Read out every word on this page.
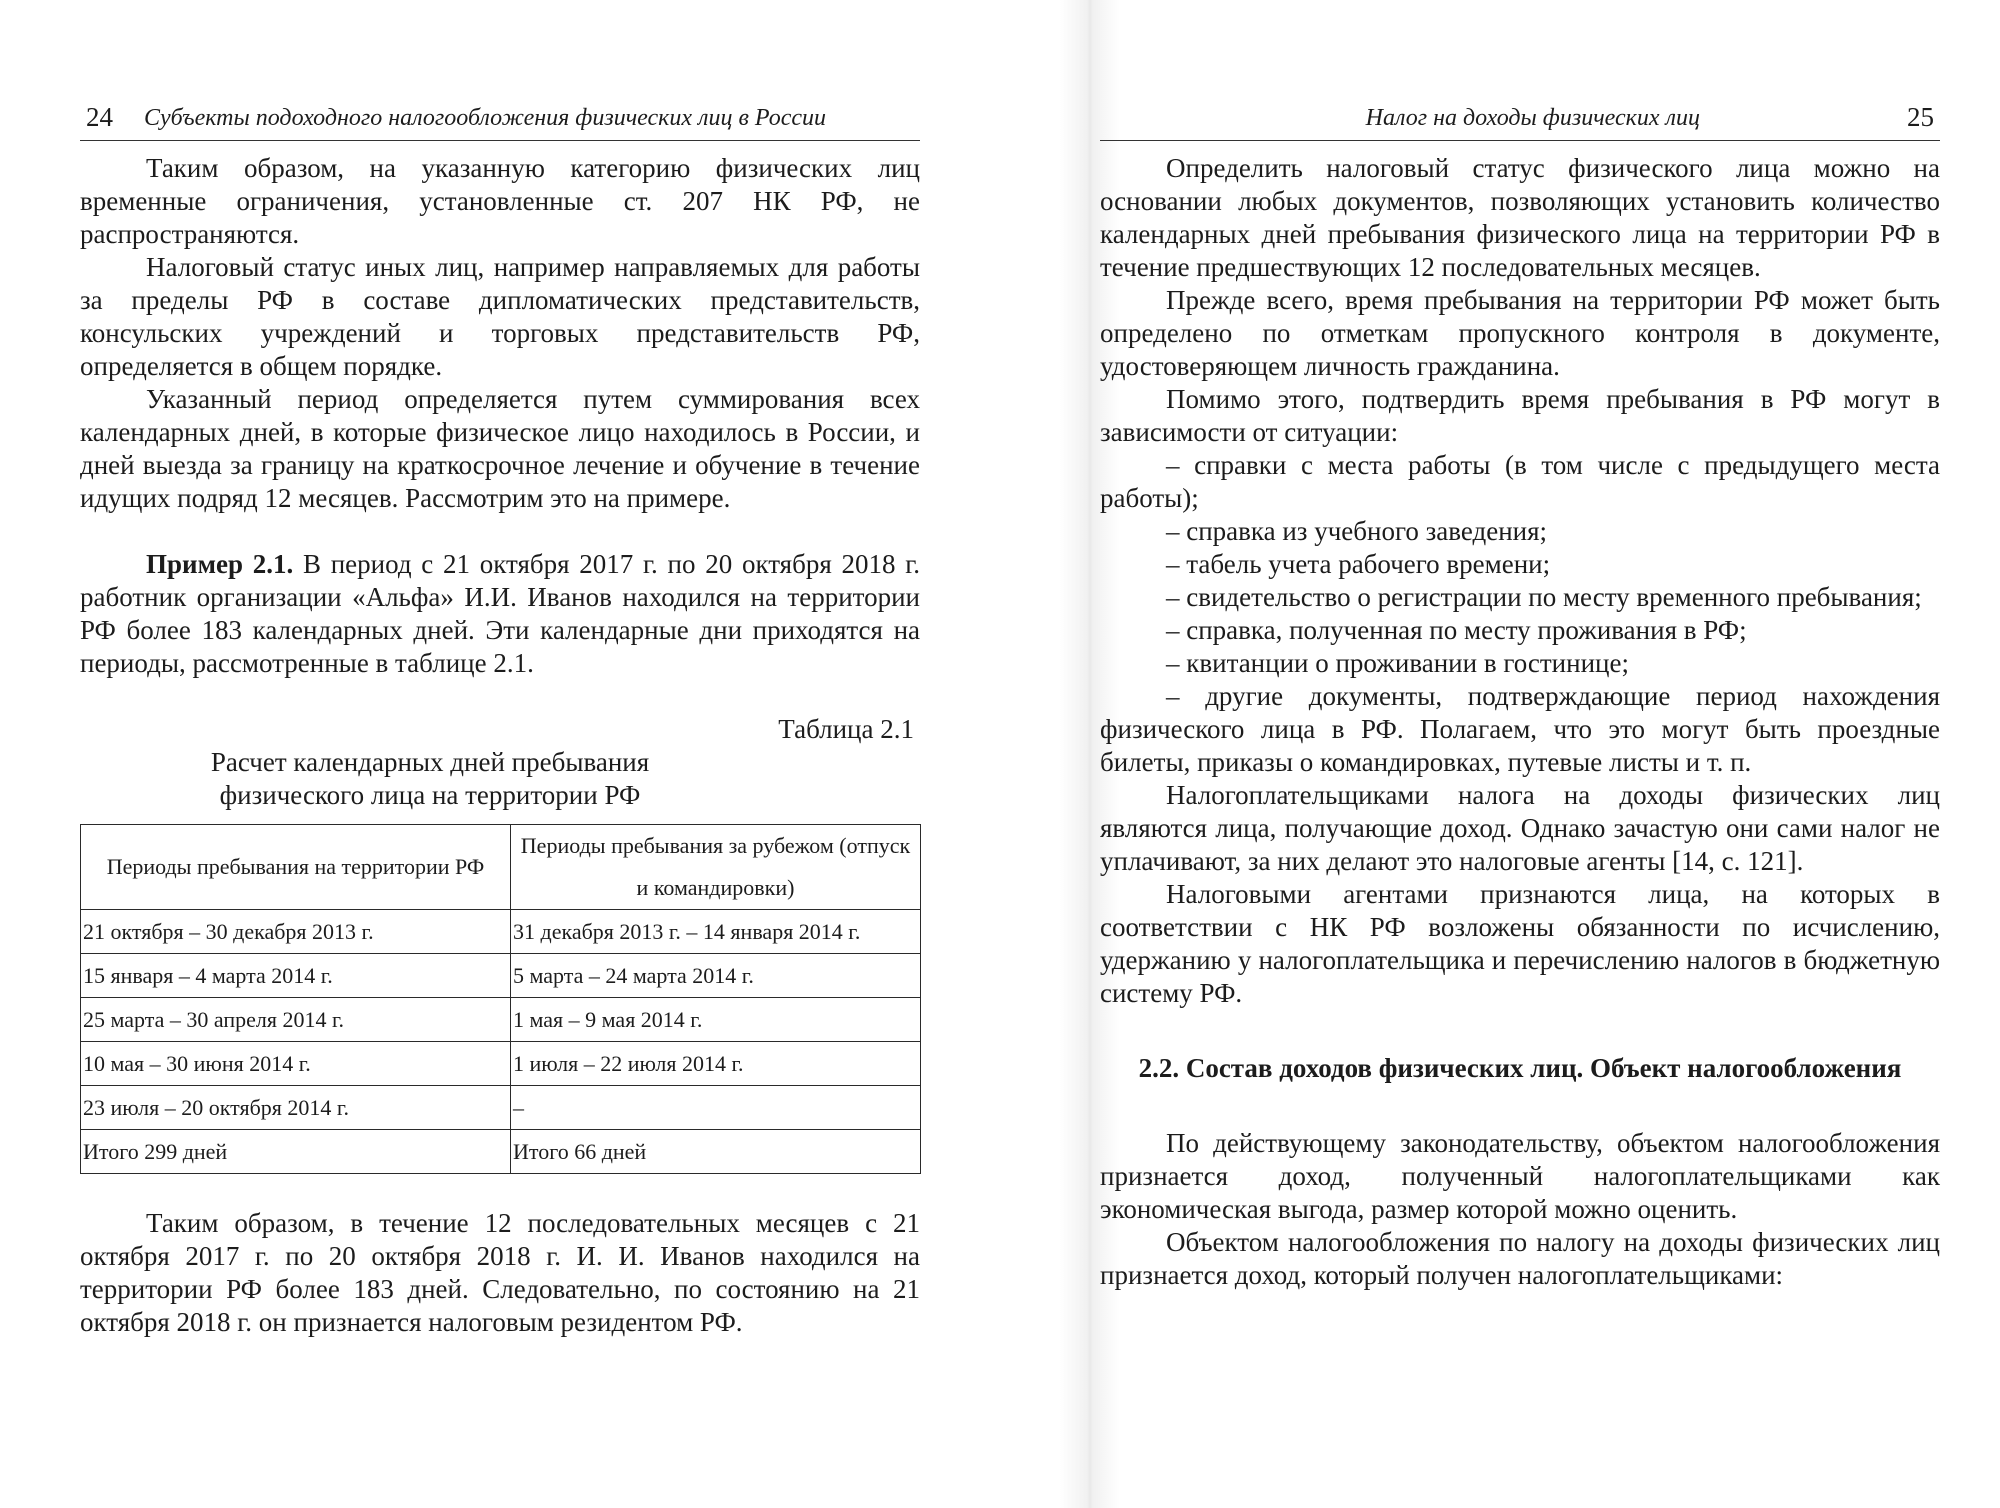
24 Субъекты подоходного налогообложения физических лиц в России

Таким образом, на указанную категорию физических лиц временные ограничения, установленные ст. 207 НК РФ, не распространяются.

Налоговый статус иных лиц, например направляемых для работы за пределы РФ в составе дипломатических представительств, консульских учреждений и торговых представительств РФ, определяется в общем порядке.

Указанный период определяется путем суммирования всех календарных дней, в которые физическое лицо находилось в России, и дней выезда за границу на краткосрочное лечение и обучение в течение идущих подряд 12 месяцев. Рассмотрим это на примере.

Пример 2.1. В период с 21 октября 2017 г. по 20 октября 2018 г. работник организации «Альфа» И.И. Иванов находился на территории РФ более 183 календарных дней. Эти календарные дни приходятся на периоды, рассмотренные в таблице 2.1.

Таблица 2.1
Расчет календарных дней пребывания
физического лица на территории РФ
Периоды пребывания на территории РФ	Периоды пребывания за рубежом (отпуск и командировки)
21 октября – 30 декабря 2013 г.	31 декабря 2013 г. – 14 января 2014 г.
15 января – 4 марта 2014 г.	5 марта – 24 марта 2014 г.
25 марта – 30 апреля 2014 г.	1 мая – 9 мая 2014 г.
10 мая – 30 июня 2014 г.	1 июля – 22 июля 2014 г.
23 июля – 20 октября 2014 г.	–
Итого 299 дней	Итого 66 дней

Таким образом, в течение 12 последовательных месяцев с 21 октября 2017 г. по 20 октября 2018 г. И. И. Иванов находился на территории РФ более 183 дней. Следовательно, по состоянию на 21 октября 2018 г. он признается налоговым резидентом РФ.

Налог на доходы физических лиц	25

Определить налоговый статус физического лица можно на основании любых документов, позволяющих установить количество календарных дней пребывания физического лица на территории РФ в течение предшествующих 12 последовательных месяцев.

Прежде всего, время пребывания на территории РФ может быть определено по отметкам пропускного контроля в документе, удостоверяющем личность гражданина.

Помимо этого, подтвердить время пребывания в РФ могут в зависимости от ситуации:

– справки с места работы (в том числе с предыдущего места работы);

– справка из учебного заведения;

– табель учета рабочего времени;

– свидетельство о регистрации по месту временного пребывания;

– справка, полученная по месту проживания в РФ;

– квитанции о проживании в гостинице;

– другие документы, подтверждающие период нахождения физического лица в РФ. Полагаем, что это могут быть проездные билеты, приказы о командировках, путевые листы и т. п.

Налогоплательщиками налога на доходы физических лиц являются лица, получающие доход. Однако зачастую они сами налог не уплачивают, за них делают это налоговые агенты [14, с. 121].

Налоговыми агентами признаются лица, на которых в соответствии с НК РФ возложены обязанности по исчислению, удержанию у налогоплательщика и перечислению налогов в бюджетную систему РФ.

2.2. Состав доходов физических лиц. Объект налогообложения

По действующему законодательству, объектом налогообложения признается доход, полученный налогоплательщиками как экономическая выгода, размер которой можно оценить.

Объектом налогообложения по налогу на доходы физических лиц признается доход, который получен налогоплательщиками:
